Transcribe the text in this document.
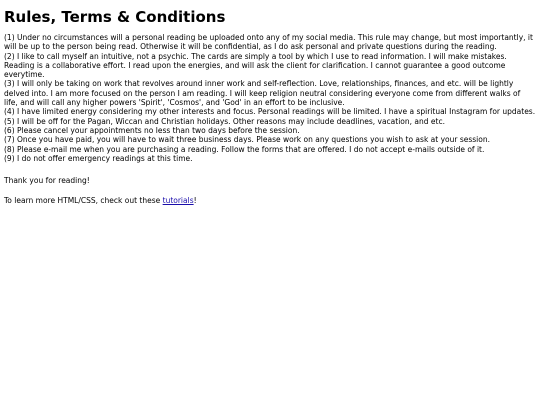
Rules, Terms & Conditions
(1) Under no circumstances will a personal reading be uploaded onto any of my social media. This rule may change, but most importantly, it will be up to the person being read. Otherwise it will be confidential, as I do ask personal and private questions during the reading.
(2) I like to call myself an intuitive, not a psychic. The cards are simply a tool by which I use to read information. I will make mistakes. Reading is a collaborative effort. I read upon the energies, and will ask the client for clarification. I cannot guarantee a good outcome everytime.
(3) I will only be taking on work that revolves around inner work and self-reflection. Love, relationships, finances, and etc. will be lightly delved into. I am more focused on the person I am reading. I will keep religion neutral considering everyone come from different walks of life, and will call any higher powers 'Spirit', 'Cosmos', and 'God' in an effort to be inclusive.
(4) I have limited energy considering my other interests and focus. Personal readings will be limited. I have a spiritual Instagram for updates.
(5) I will be off for the Pagan, Wiccan and Christian holidays. Other reasons may include deadlines, vacation, and etc.
(6) Please cancel your appointments no less than two days before the session.
(7) Once you have paid, you will have to wait three business days. Please work on any questions you wish to ask at your session.
(8) Please e-mail me when you are purchasing a reading. Follow the forms that are offered. I do not accept e-mails outside of it.
(9) I do not offer emergency readings at this time.

Thank you for reading!

To learn more HTML/CSS, check out these tutorials!
